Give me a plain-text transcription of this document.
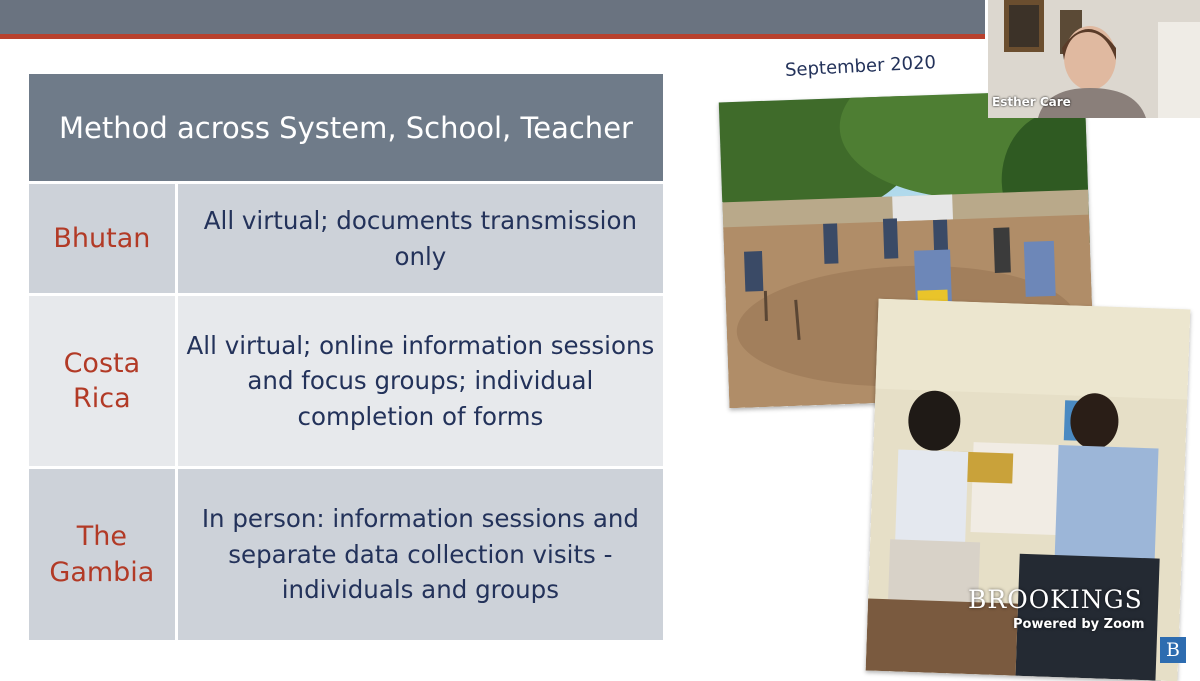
Method across System, School, Teacher
Bhutan
All virtual; documents transmission only
Costa Rica
All virtual; online information sessions and focus groups; individual completion of forms
The Gambia
In person: information sessions and separate data collection visits - individuals and groups
September 2020
Esther Care
BROOKINGS
Powered by Zoom
B
